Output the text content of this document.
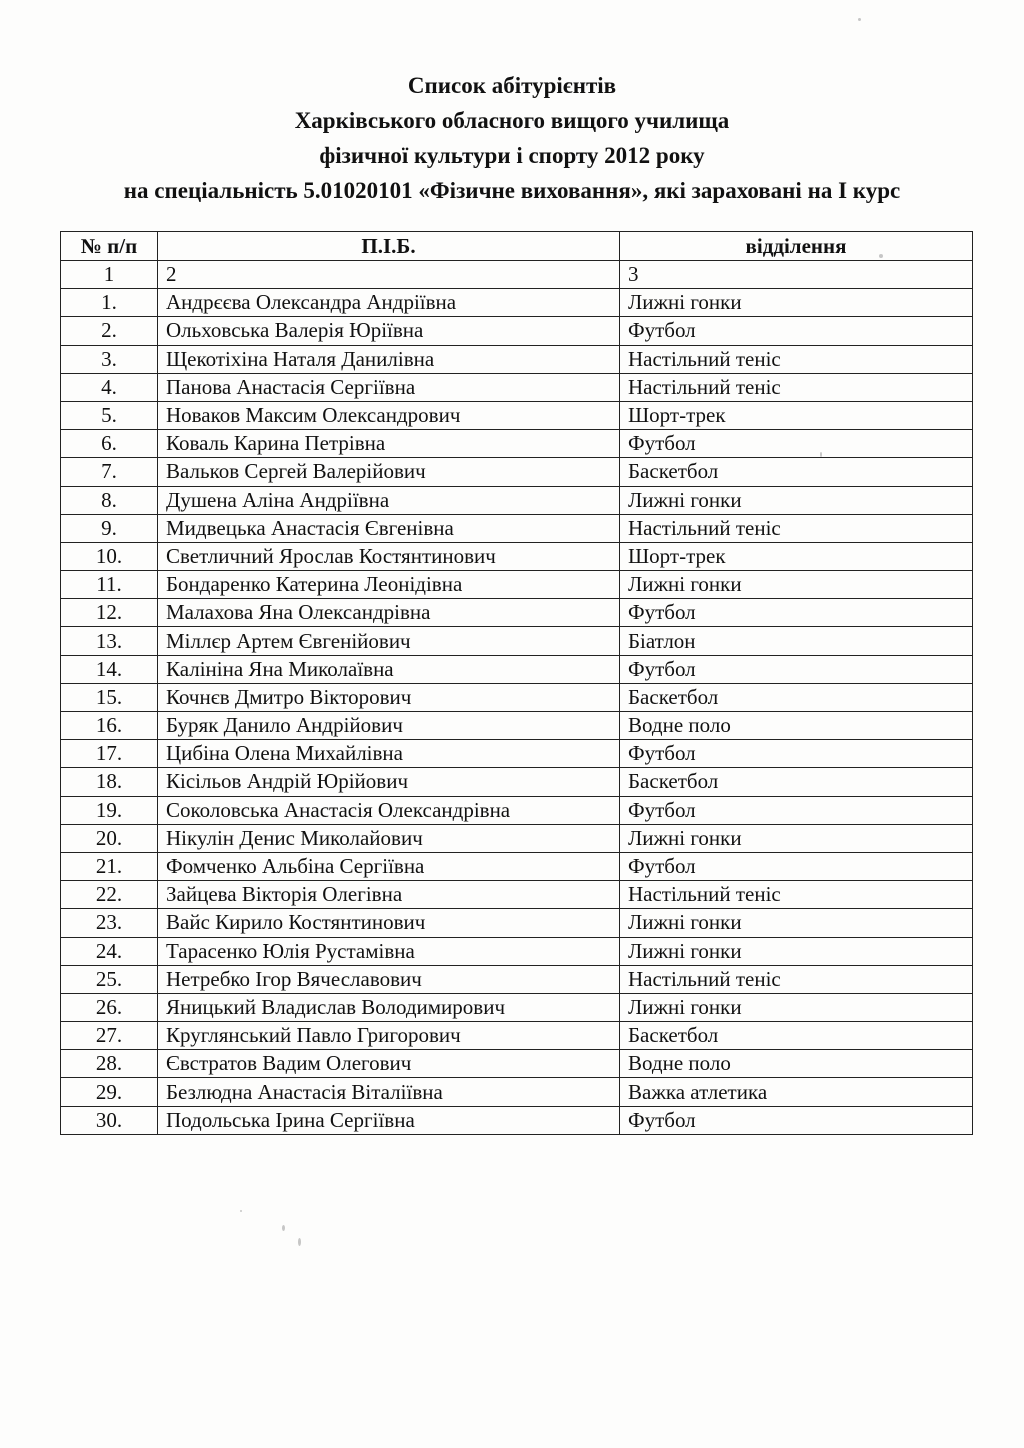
Список абітурієнтів
Харківського обласного вищого училища
фізичної культури і спорту 2012 року
на спеціальність 5.01020101 «Фізичне виховання», які зараховані на I курс
№ п/п	П.І.Б.	відділення
1	2	3
1.	Андрєєва Олександра Андріївна	Лижні гонки
2.	Ольховська Валерія Юріївна	Футбол
3.	Щекотіхіна Наталя Данилівна	Настільний теніс
4.	Панова Анастасія Сергіївна	Настільний теніс
5.	Новаков Максим Олександрович	Шорт-трек
6.	Коваль Карина Петрівна	Футбол
7.	Вальков Сергей Валерійович	Баскетбол
8.	Душена Аліна Андріївна	Лижні гонки
9.	Мидвецька Анастасія Євгенівна	Настільний теніс
10.	Светличний Ярослав Костянтинович	Шорт-трек
11.	Бондаренко Катерина Леонідівна	Лижні гонки
12.	Малахова Яна Олександрівна	Футбол
13.	Міллєр Артем Євгенійович	Біатлон
14.	Калініна Яна Миколаївна	Футбол
15.	Кочнєв Дмитро Вікторович	Баскетбол
16.	Буряк Данило Андрійович	Водне поло
17.	Цибіна Олена Михайлівна	Футбол
18.	Кісільов Андрій Юрійович	Баскетбол
19.	Соколовська Анастасія Олександрівна	Футбол
20.	Нікулін Денис Миколайович	Лижні гонки
21.	Фомченко Альбіна Сергіївна	Футбол
22.	Зайцева Вікторія Олегівна	Настільний теніс
23.	Вайс Кирило Костянтинович	Лижні гонки
24.	Тарасенко Юлія Рустамівна	Лижні гонки
25.	Нетребко Ігор Вячеславович	Настільний теніс
26.	Яницький Владислав Володимирович	Лижні гонки
27.	Круглянський Павло Григорович	Баскетбол
28.	Євстратов Вадим Олегович	Водне поло
29.	Безлюдна Анастасія Віталіївна	Важка атлетика
30.	Подольська Ірина Сергіївна	Футбол
